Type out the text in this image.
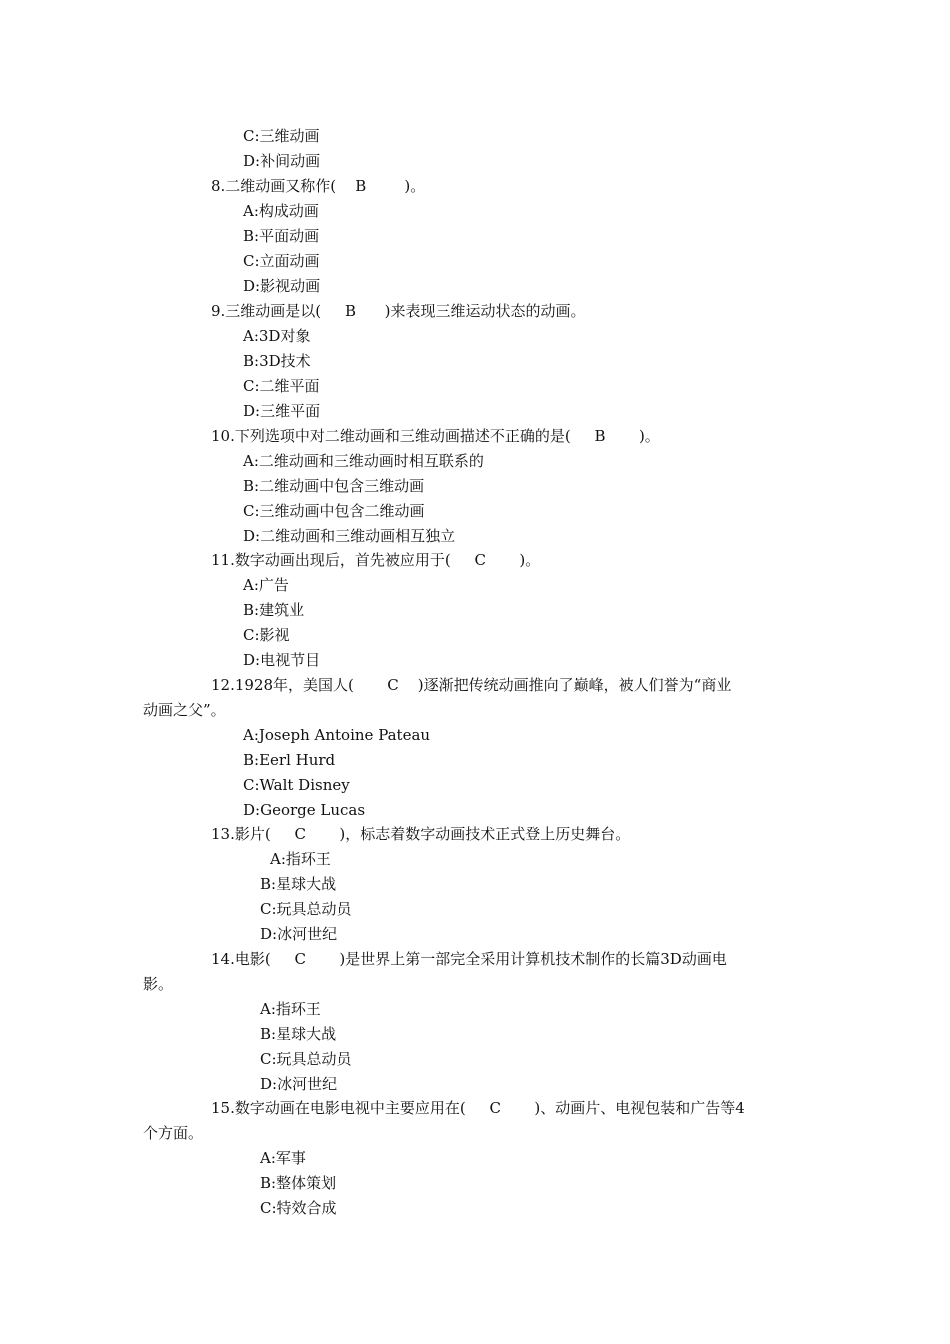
C:三维动画
D:补间动画
8.二维动画又称作(    B        )。
A:构成动画
B:平面动画
C:立面动画
D:影视动画
9.三维动画是以(     B      )来表现三维运动状态的动画。
A:3D对象
B:3D技术
C:二维平面
D:三维平面
10.下列选项中对二维动画和三维动画描述不正确的是(     B       )。
A:二维动画和三维动画时相互联系的
B:二维动画中包含三维动画
C:三维动画中包含二维动画
D:二维动画和三维动画相互独立
11.数字动画出现后，首先被应用于(     C       )。
A:广告
B:建筑业
C:影视
D:电视节目
12.1928年，美国人(       C    )逐渐把传统动画推向了巅峰，被人们誉为“商业
动画之父”。
A:Joseph Antoine Pateau
B:Eerl Hurd
C:Walt Disney
D:George Lucas
13.影片(     C       )，标志着数字动画技术正式登上历史舞台。
A:指环王
B:星球大战
C:玩具总动员
D:冰河世纪
14.电影(     C       )是世界上第一部完全采用计算机技术制作的长篇3D动画电
影。
A:指环王
B:星球大战
C:玩具总动员
D:冰河世纪
15.数字动画在电影电视中主要应用在(     C       )、动画片、电视包装和广告等4
个方面。
A:军事
B:整体策划
C:特效合成
